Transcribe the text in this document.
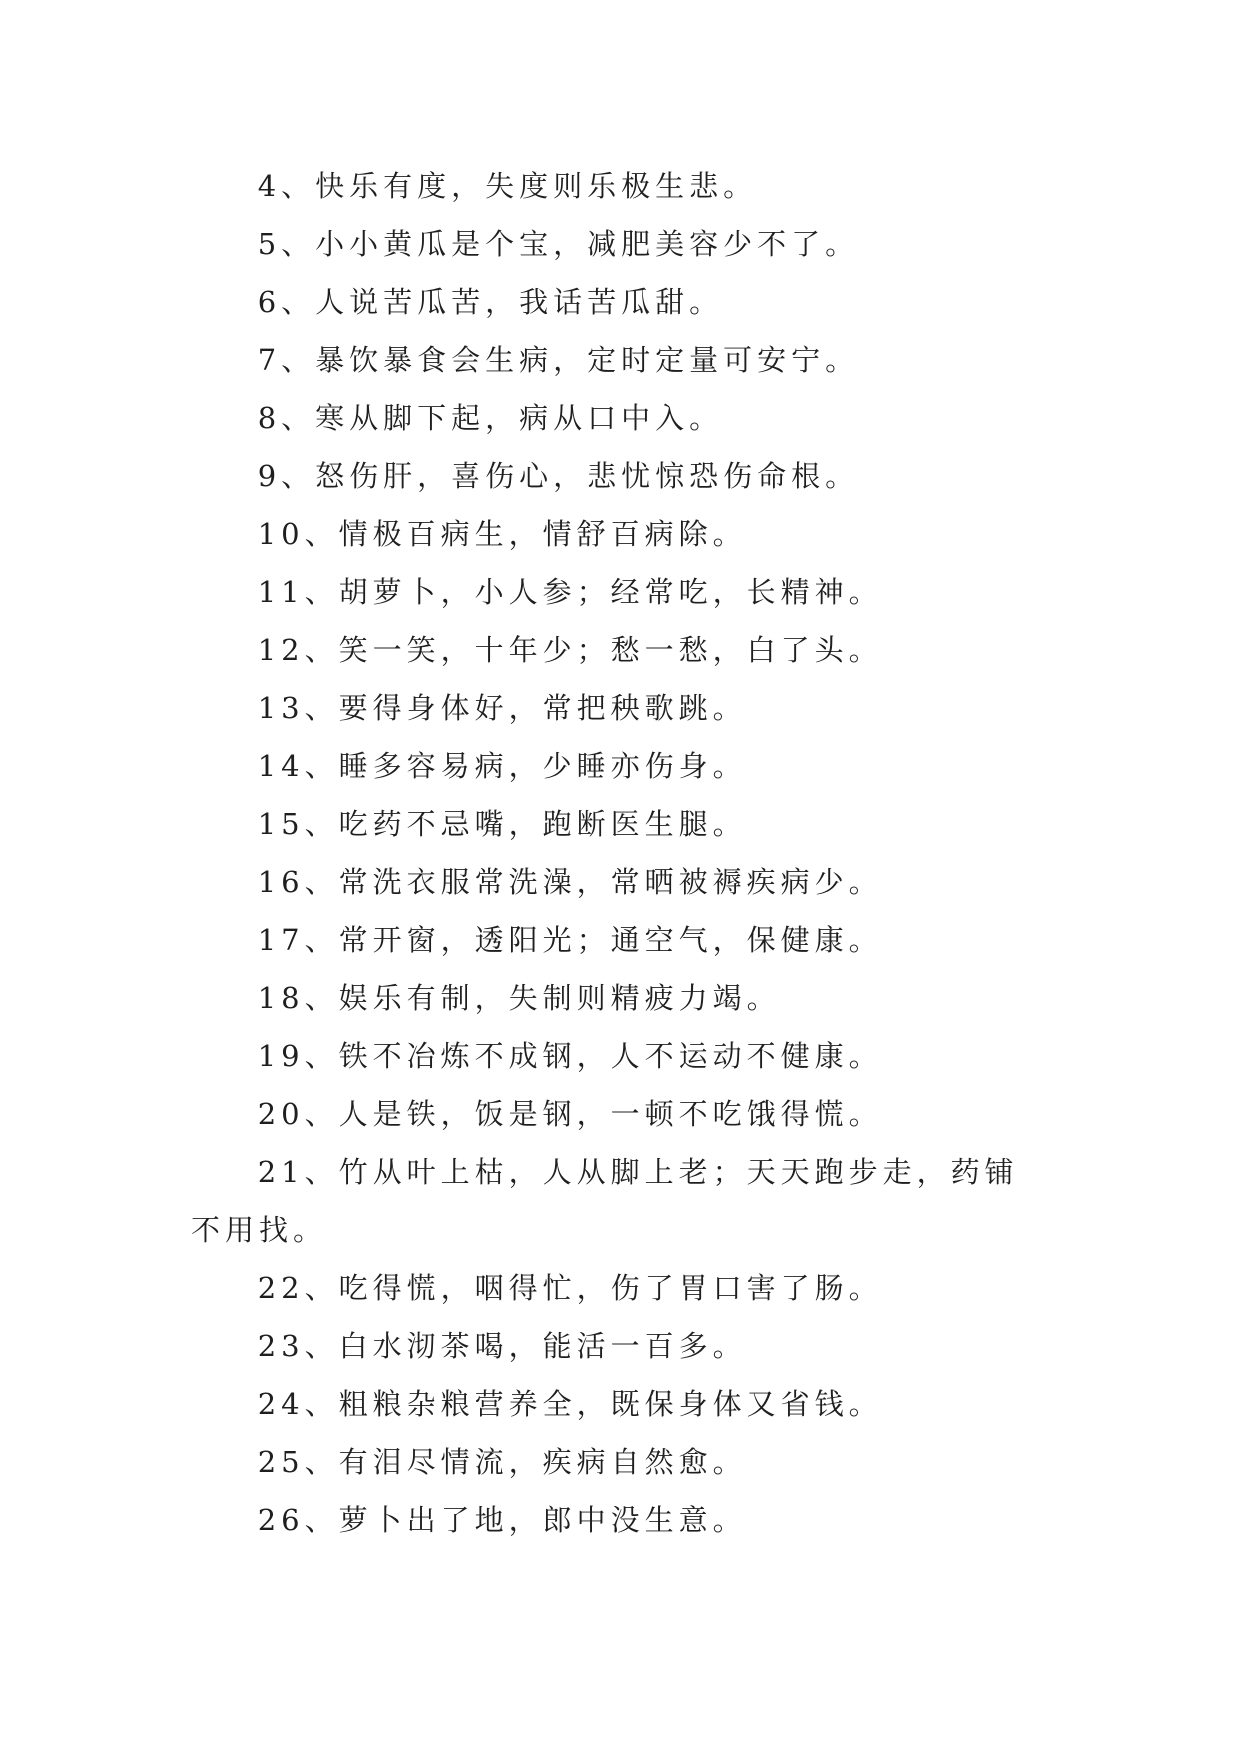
4、快乐有度，失度则乐极生悲。

5、小小黄瓜是个宝，减肥美容少不了。

6、人说苦瓜苦，我话苦瓜甜。

7、暴饮暴食会生病，定时定量可安宁。

8、寒从脚下起，病从口中入。

9、怒伤肝，喜伤心，悲忧惊恐伤命根。

10、情极百病生，情舒百病除。

11、胡萝卜，小人参；经常吃，长精神。

12、笑一笑，十年少；愁一愁，白了头。

13、要得身体好，常把秧歌跳。

14、睡多容易病，少睡亦伤身。

15、吃药不忌嘴，跑断医生腿。

16、常洗衣服常洗澡，常晒被褥疾病少。

17、常开窗，透阳光；通空气，保健康。

18、娱乐有制，失制则精疲力竭。

19、铁不冶炼不成钢，人不运动不健康。

20、人是铁，饭是钢，一顿不吃饿得慌。

21、竹从叶上枯，人从脚上老；天天跑步走，药铺不用找。

22、吃得慌，咽得忙，伤了胃口害了肠。

23、白水沏茶喝，能活一百多。

24、粗粮杂粮营养全，既保身体又省钱。

25、有泪尽情流，疾病自然愈。

26、萝卜出了地，郎中没生意。
